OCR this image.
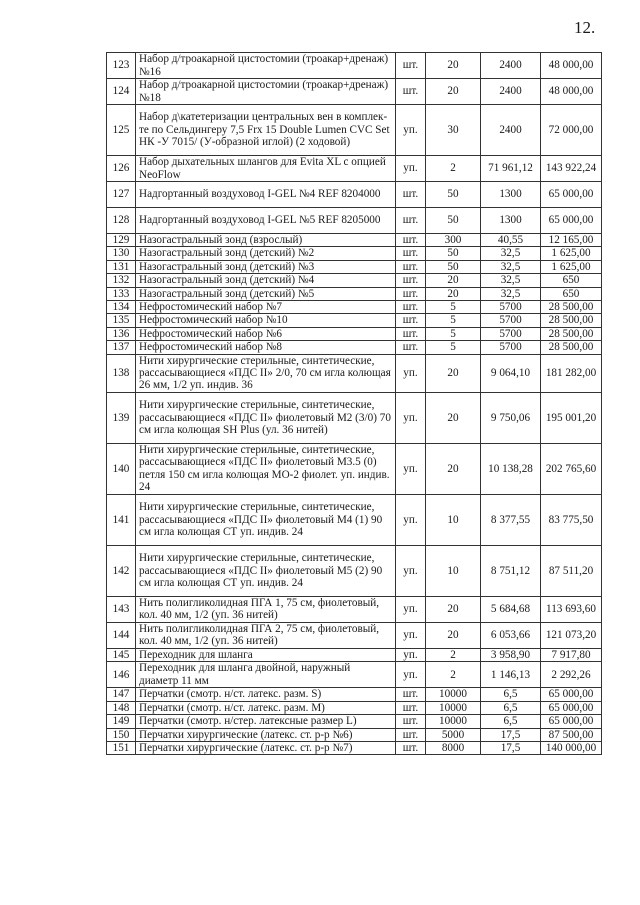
12.
123	Набор д/троакарной цистостомии (троакар+дренаж) №16	шт.	20	2400	48 000,00
124	Набор д/троакарной цистостомии (троакар+дренаж) №18	шт.	20	2400	48 000,00
125	Набор д\катетеризации центральных вен в комплек-те по Сельдингеру 7,5 Frx 15 Double Lumen CVC Set НК -У 7015/ (У-образной иглой) (2 ходовой)	уп.	30	2400	72 000,00
126	Набор дыхательных шлангов для Evita XL с опцией NeoFlow	уп.	2	71 961,12	143 922,24
127	Надгортанный воздуховод I-GEL №4 REF 8204000	шт.	50	1300	65 000,00
128	Надгортанный воздуховод I-GEL №5 REF 8205000	шт.	50	1300	65 000,00
129	Назогастральный зонд (взрослый)	шт.	300	40,55	12 165,00
130	Назогастральный зонд (детский) №2	шт.	50	32,5	1 625,00
131	Назогастральный зонд (детский) №3	шт.	50	32,5	1 625,00
132	Назогастральный зонд (детский) №4	шт.	20	32,5	650
133	Назогастральный зонд (детский) №5	шт.	20	32,5	650
134	Нефростомический набор №7	шт.	5	5700	28 500,00
135	Нефростомический набор №10	шт.	5	5700	28 500,00
136	Нефростомический набор №6	шт.	5	5700	28 500,00
137	Нефростомический набор №8	шт.	5	5700	28 500,00
138	Нити хирургические стерильные, синтетические, рассасывающиеся «ПДС II» 2/0, 70 см игла колющая 26 мм, 1/2 уп. индив. 36	уп.	20	9 064,10	181 282,00
139	Нити хирургические стерильные, синтетические, рассасывающиеся «ПДС II» фиолетовый М2 (3/0) 70 см игла колющая SH Plus (ул. 36 нитей)	уп.	20	9 750,06	195 001,20
140	Нити хирургические стерильные, синтетические, рассасывающиеся «ПДС II» фиолетовый М3.5 (0) петля 150 см игла колющая МО-2 фиолет. уп. индив. 24	уп.	20	10 138,28	202 765,60
141	Нити хирургические стерильные, синтетические, рассасывающиеся «ПДС II» фиолетовый М4 (1) 90 см игла колющая СТ уп. индив. 24	уп.	10	8 377,55	83 775,50
142	Нити хирургические стерильные, синтетические, рассасывающиеся «ПДС II» фиолетовый М5 (2) 90 см игла колющая СТ уп. индив. 24	уп.	10	8 751,12	87 511,20
143	Нить полигликолидная ПГА 1, 75 см, фиолетовый, кол. 40 мм, 1/2 (уп. 36 нитей)	уп.	20	5 684,68	113 693,60
144	Нить полигликолидная ПГА 2, 75 см, фиолетовый, кол. 40 мм, 1/2 (уп. 36 нитей)	уп.	20	6 053,66	121 073,20
145	Переходник для шланга	уп.	2	3 958,90	7 917,80
146	Переходник для шланга двойной, наружный диаметр 11 мм	уп.	2	1 146,13	2 292,26
147	Перчатки (смотр. н/ст. латекс. разм. S)	шт.	10000	6,5	65 000,00
148	Перчатки (смотр. н/ст. латекс. разм. M)	шт.	10000	6,5	65 000,00
149	Перчатки (смотр. н/стер. латексные размер L)	шт.	10000	6,5	65 000,00
150	Перчатки хирургические (латекс. ст. р-р №6)	шт.	5000	17,5	87 500,00
151	Перчатки хирургические (латекс. ст. р-р №7)	шт.	8000	17,5	140 000,00
